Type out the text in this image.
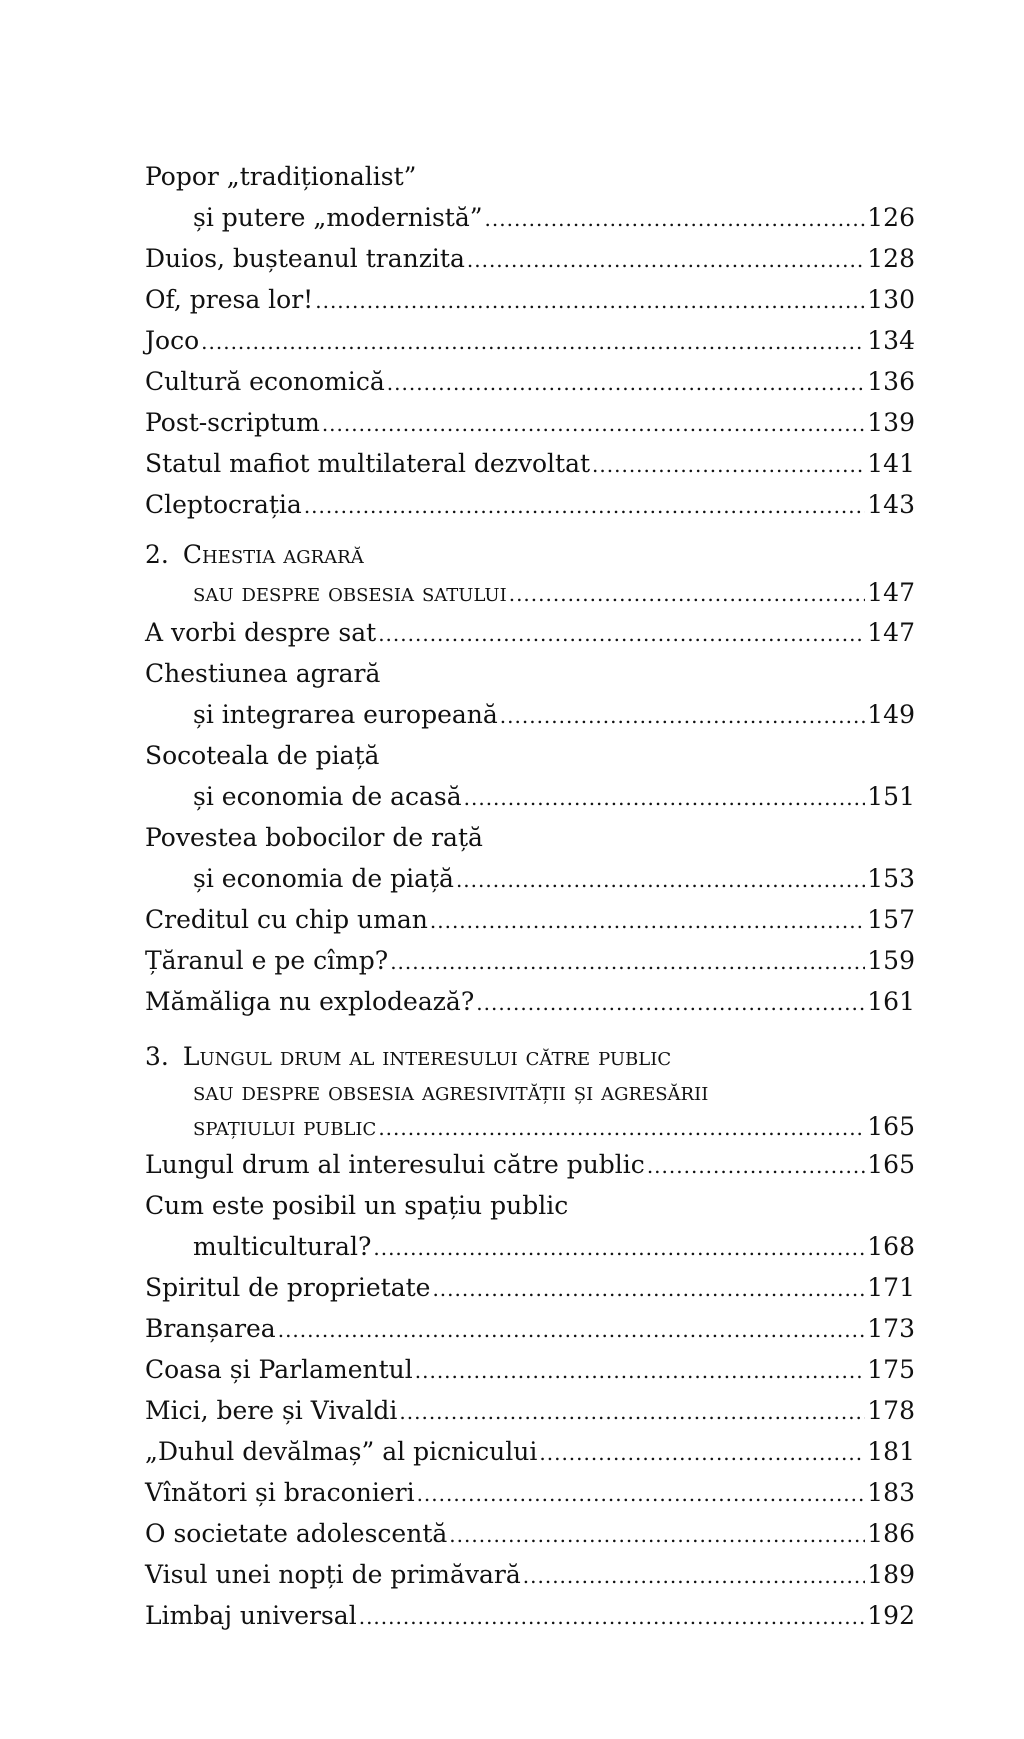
Popor „tradiționalist”
și putere „modernistă” .....	126
Duios, bușteanul tranzita .....	128
Of, presa lor! .....	130
Joco .....	134
Cultură economică .....	136
Post-scriptum .....	139
Statul mafiot multilateral dezvoltat .....	141
Cleptocrația .....	143
2. Chestia agrară
sau despre obsesia satului .....	147
A vorbi despre sat .....	147
Chestiunea agrară
și integrarea europeană .....	149
Socoteala de piață
și economia de acasă .....	151
Povestea bobocilor de rață
și economia de piață .....	153
Creditul cu chip uman .....	157
Țăranul e pe cîmp? .....	159
Mămăliga nu explodează? .....	161
3. Lungul drum al interesului către public
sau despre obsesia agresivității și agresării
spațiului public .....	165
Lungul drum al interesului către public .....	165
Cum este posibil un spațiu public
multicultural? .....	168
Spiritul de proprietate .....	171
Branșarea .....	173
Coasa și Parlamentul .....	175
Mici, bere și Vivaldi .....	178
„Duhul devălmaș” al picnicului .....	181
Vînători și braconieri .....	183
O societate adolescentă .....	186
Visul unei nopți de primăvară .....	189
Limbaj universal .....	192
